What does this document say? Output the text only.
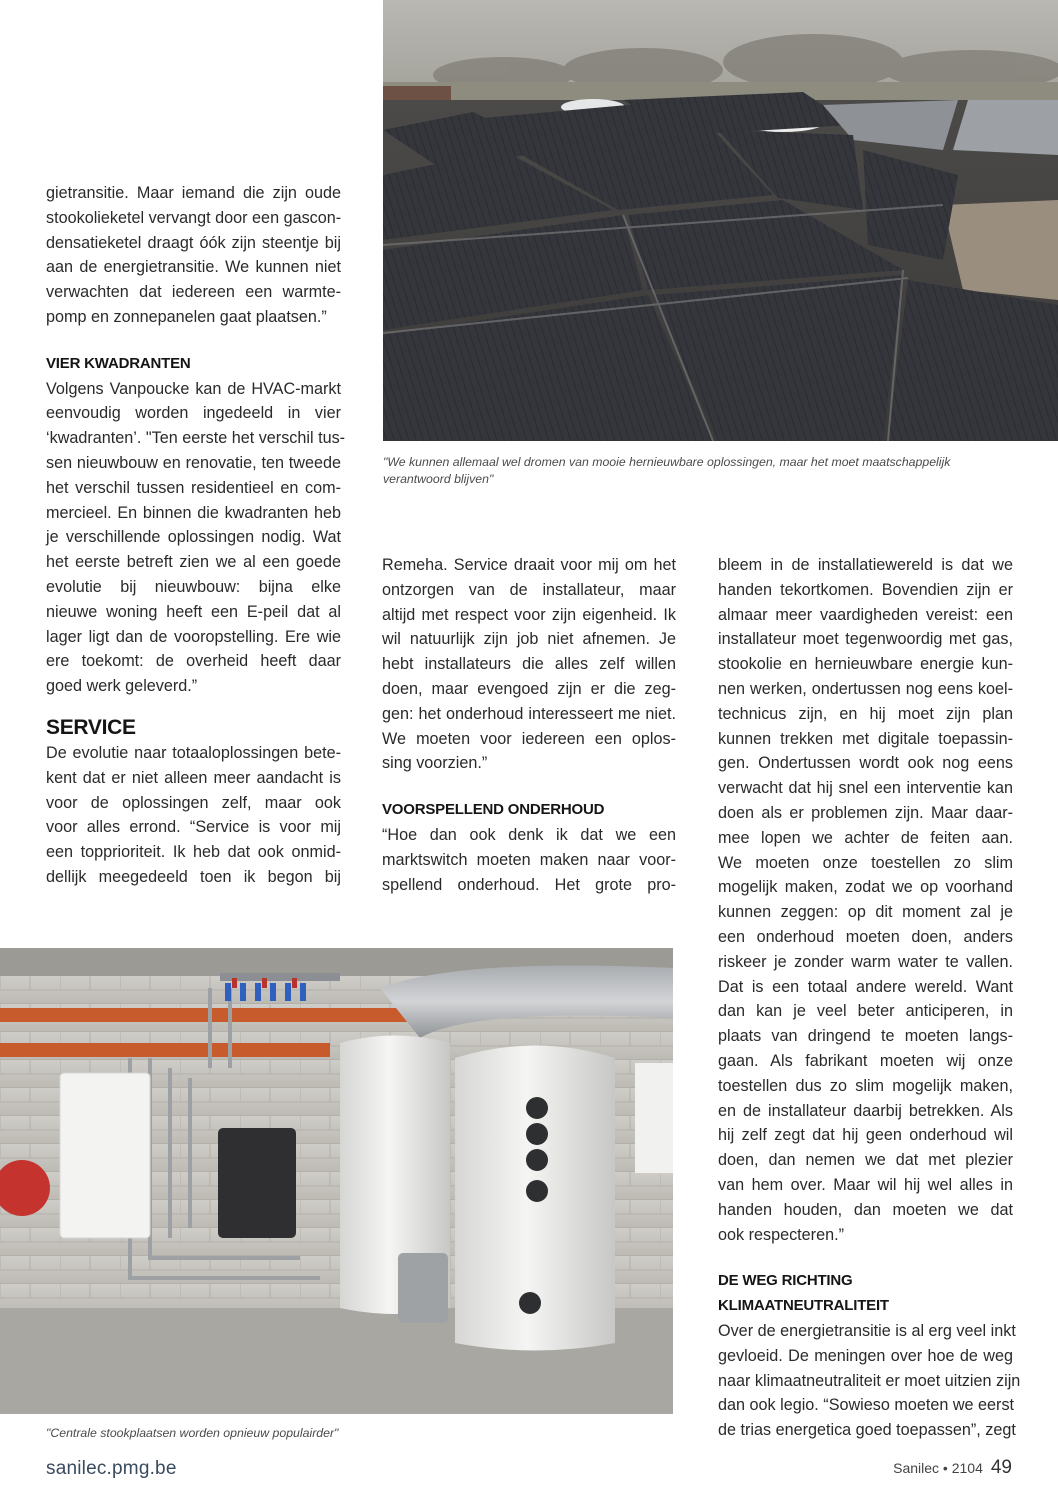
"We kunnen allemaal wel dromen van mooie hernieuwbare oplossingen, maar het moet maatschappelijk
verantwoord blijven"

gietransitie. Maar iemand die zijn oude

stookolieketel vervangt door een gascon-

densatieketel draagt óók zijn steentje bij

aan de energietransitie. We kunnen niet

verwachten dat iedereen een warmte-

pomp en zonnepanelen gaat plaatsen.”

VIER KWADRANTEN

Volgens Vanpoucke kan de HVAC-markt

eenvoudig worden ingedeeld in vier

‘kwadranten’. "Ten eerste het verschil tus-

sen nieuwbouw en renovatie, ten tweede

het verschil tussen residentieel en com-

mercieel. En binnen die kwadranten heb

je verschillende oplossingen nodig. Wat

het eerste betreft zien we al een goede

evolutie bij nieuwbouw: bijna elke

nieuwe woning heeft een E-peil dat al

lager ligt dan de vooropstelling. Ere wie

ere toekomt: de overheid heeft daar

goed werk geleverd.”

SERVICE

De evolutie naar totaaloplossingen bete-

kent dat er niet alleen meer aandacht is

voor de oplossingen zelf, maar ook

voor alles errond. “Service is voor mij

een topprioriteit. Ik heb dat ook onmid-

dellijk meegedeeld toen ik begon bij

Remeha. Service draait voor mij om het

ontzorgen van de installateur, maar

altijd met respect voor zijn eigenheid. Ik

wil natuurlijk zijn job niet afnemen. Je

hebt installateurs die alles zelf willen

doen, maar evengoed zijn er die zeg-

gen: het onderhoud interesseert me niet.

We moeten voor iedereen een oplos-

sing voorzien.”

VOORSPELLEND ONDERHOUD

“Hoe dan ook denk ik dat we een

marktswitch moeten maken naar voor-

spellend onderhoud. Het grote pro-

bleem in de installatiewereld is dat we

handen tekortkomen. Bovendien zijn er

almaar meer vaardigheden vereist: een

installateur moet tegenwoordig met gas,

stookolie en hernieuwbare energie kun-

nen werken, ondertussen nog eens koel-

technicus zijn, en hij moet zijn plan

kunnen trekken met digitale toepassin-

gen. Ondertussen wordt ook nog eens

verwacht dat hij snel een interventie kan

doen als er problemen zijn. Maar daar-

mee lopen we achter de feiten aan.

We moeten onze toestellen zo slim

mogelijk maken, zodat we op voorhand

kunnen zeggen: op dit moment zal je

een onderhoud moeten doen, anders

riskeer je zonder warm water te vallen.

Dat is een totaal andere wereld. Want

dan kan je veel beter anticiperen, in

plaats van dringend te moeten langs-

gaan. Als fabrikant moeten wij onze

toestellen dus zo slim mogelijk maken,

en de installateur daarbij betrekken. Als

hij zelf zegt dat hij geen onderhoud wil

doen, dan nemen we dat met plezier

van hem over. Maar wil hij wel alles in

handen houden, dan moeten we dat

ook respecteren.”

DE WEG RICHTING
KLIMAATNEUTRALITEIT

Over de energietransitie is al erg veel inkt

gevloeid. De meningen over hoe de weg

naar klimaatneutraliteit er moet uitzien zijn

dan ook legio. “Sowieso moeten we eerst

de trias energetica goed toepassen”, zegt

"Centrale stookplaatsen worden opnieuw populairder"
sanilec.pmg.be	Sanilec • 2104 49
